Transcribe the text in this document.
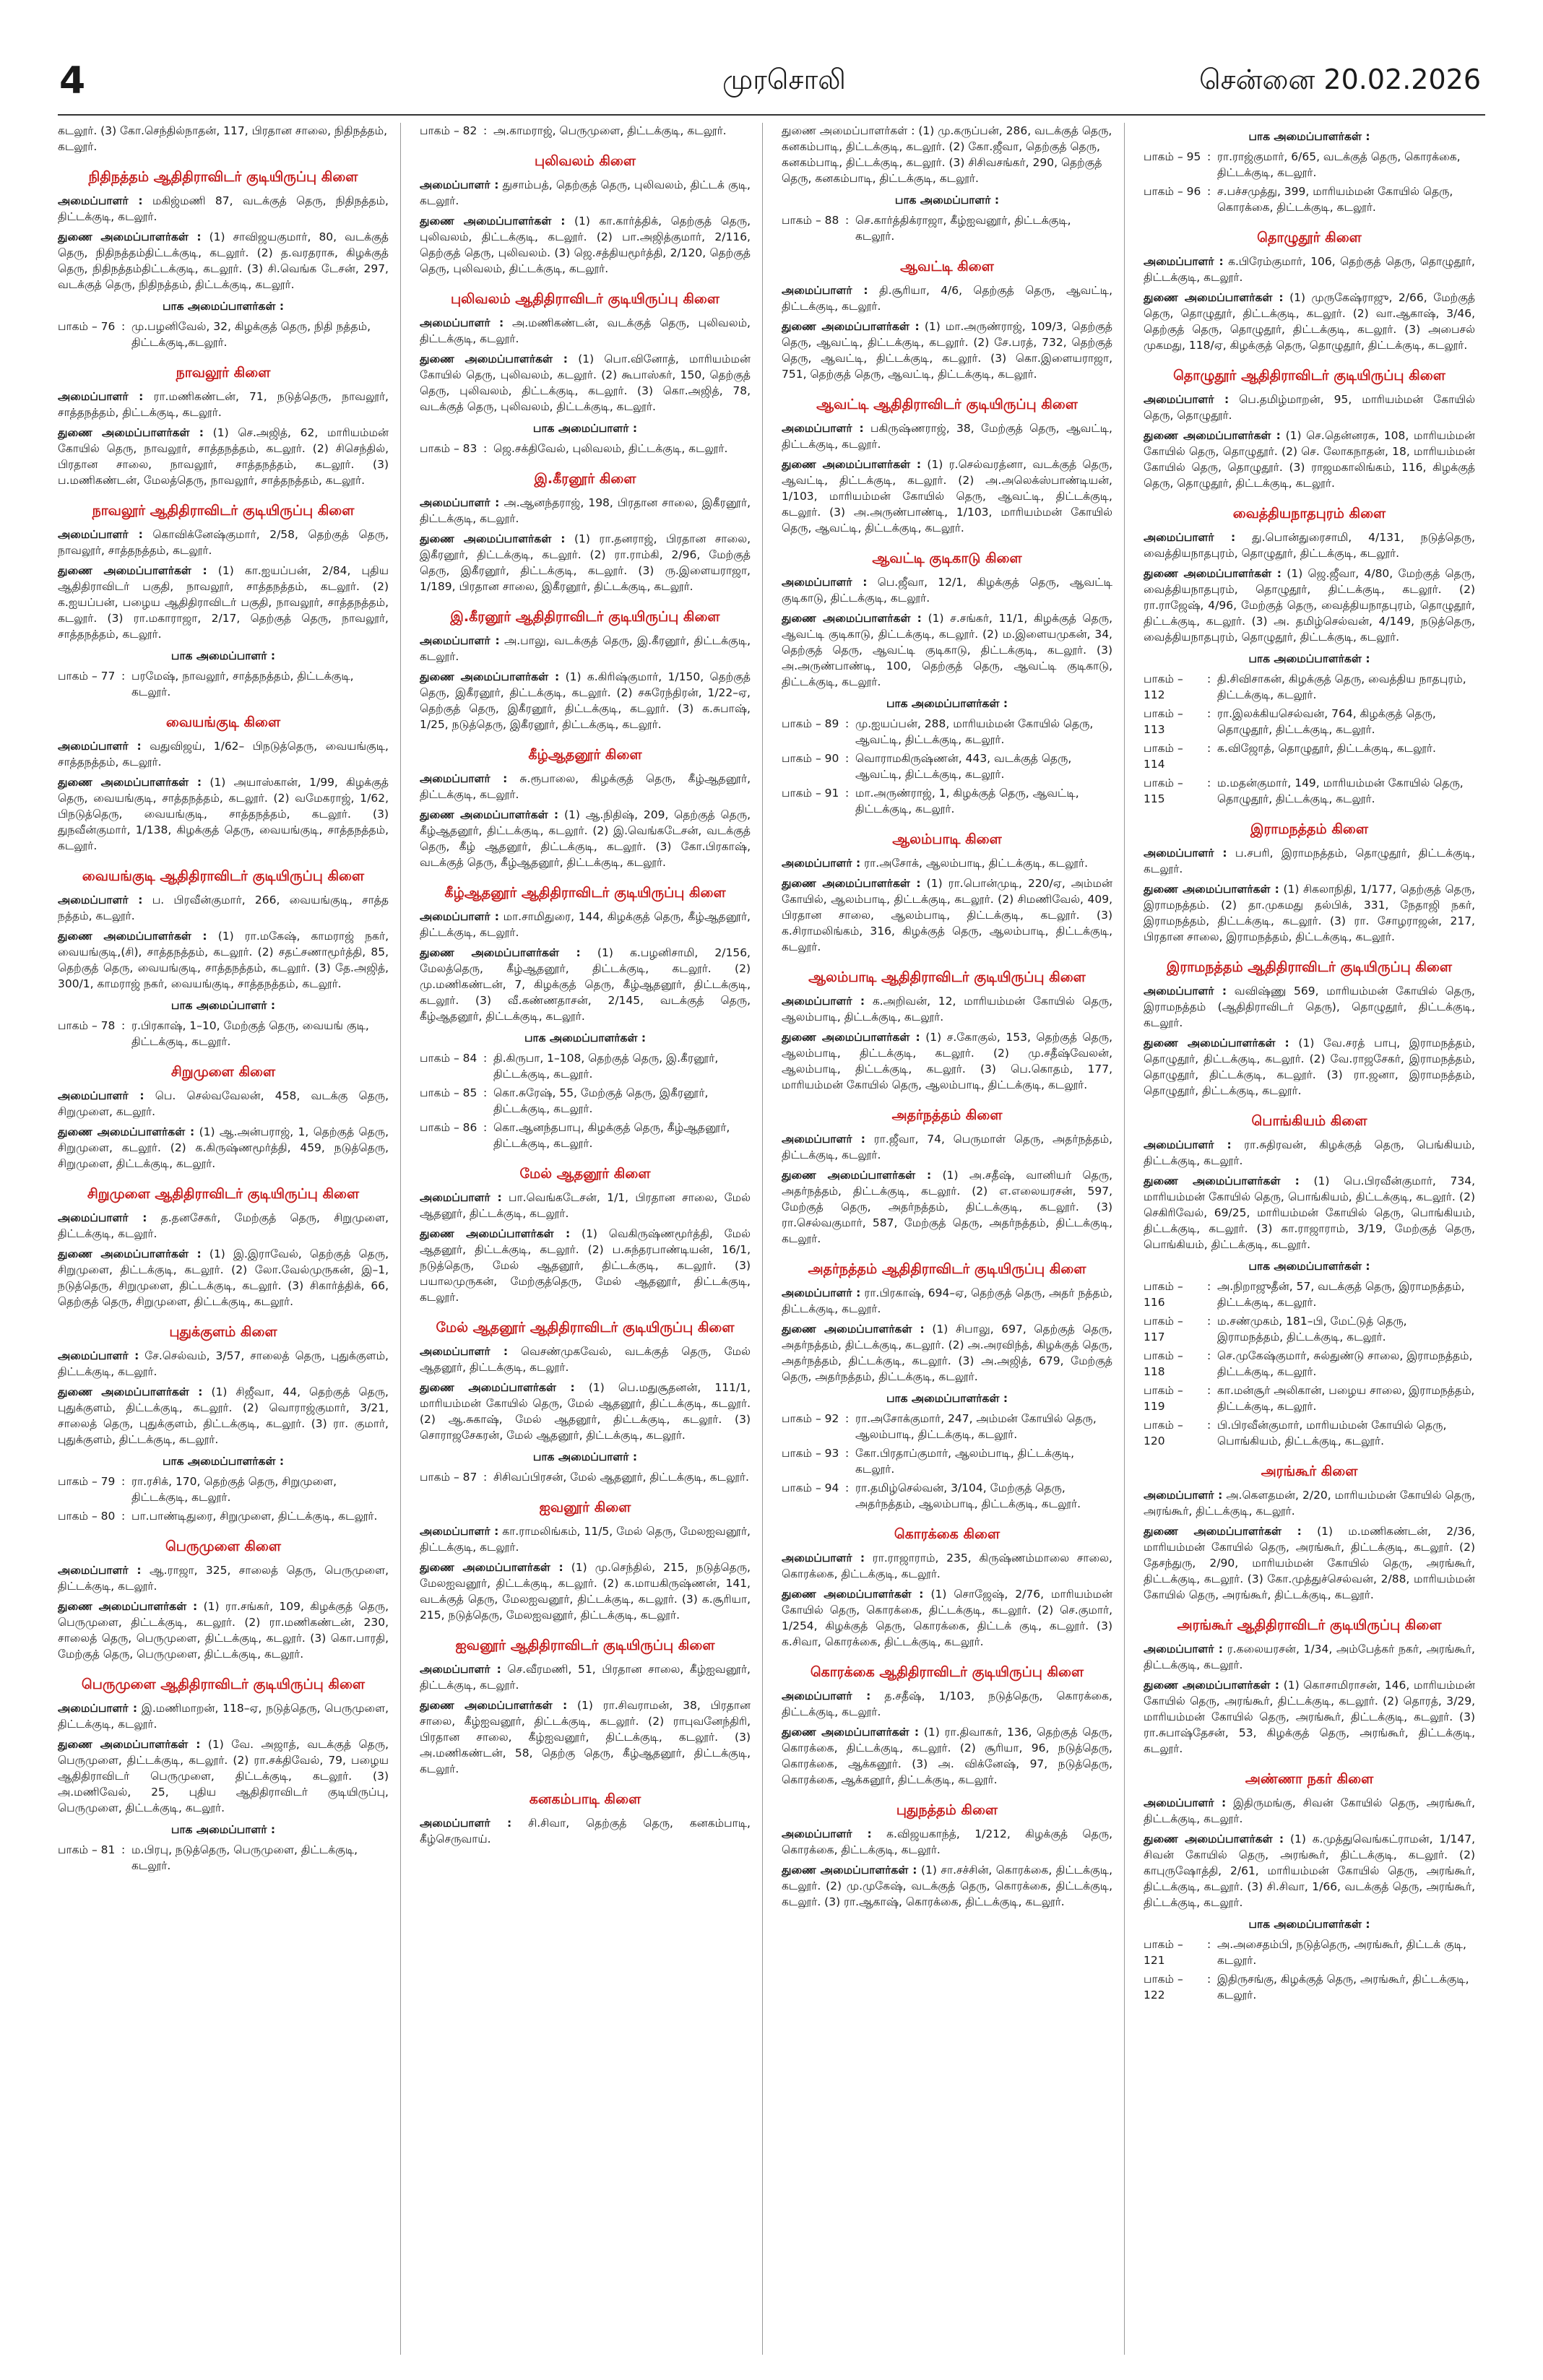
4	முரசொலி	சென்னை 20.02.2026
கடலூர். (3) கோ.செந்தில்நாதன், 117, பிரதான சாலை, நிதிநத்தம், கடலூர்.
நிதிநத்தம் ஆதிதிராவிடர் குடியிருப்பு கிளை
அமைப்பாளர் : மகிஜ்மணி 87, வடக்குத் தெரு, நிதிநத்தம், திட்டக்குடி, கடலூர்.
துணை அமைப்பாளர்கள் : (1) சாவிஜயகுமார், 80, வடக்குத் தெரு, நிதிநத்தம்திட்டக்குடி, கடலூர். (2) த.வரதராசு, கிழக்குத் தெரு, நிதிநத்தம்திட்டக்குடி, கடலூர். (3) சி.வெங்க டேசன், 297, வடக்குத் தெரு, நிதிநத்தம், திட்டக்குடி, கடலூர்.
பாக அமைப்பாளர்கள் :
பாகம் – 76 : மு.பழனிவேல், 32, கிழக்குத் தெரு, நிதி நத்தம், திட்டக்குடி,கடலூர்.
நாவலூர் கிளை
அமைப்பாளர் : ரா.மணிகண்டன், 71, நடுத்தெரு, நாவலூர், சாத்தநத்தம், திட்டக்குடி, கடலூர்.
துணை அமைப்பாளர்கள் : (1) செ.அஜித், 62, மாரியம்மன் கோயில் தெரு, நாவலூர், சாத்தநத்தம், கடலூர். (2) சிசெந்தில், பிரதான சாலை, நாவலூர், சாத்தநத்தம், கடலூர். (3) ப.மணிகண்டன், மேலத்தெரு, நாவலூர், சாத்தநத்தம், கடலூர்.
நாவலூர் ஆதிதிராவிடர் குடியிருப்பு கிளை
அமைப்பாளர் : கொவிக்னேஷ்குமார், 2/58, தெற்குத் தெரு, நாவலூர், சாத்தநத்தம், கடலூர்.
துணை அமைப்பாளர்கள் : (1) கா.ஐயப்பன், 2/84, புதிய ஆதிதிராவிடர் பகுதி, நாவலூர், சாத்தநத்தம், கடலூர். (2) க.ஐயப்பன், பழைய ஆதிதிராவிடர் பகுதி, நாவலூர், சாத்தநத்தம், கடலூர். (3) ரா.மகாராஜா, 2/17, தெற்குத் தெரு, நாவலூர், சாத்தநத்தம், கடலூர்.
பாக அமைப்பாளர் :
பாகம் – 77 : பரமேஷ், நாவலூர், சாத்தநத்தம், திட்டக்குடி, கடலூர்.
வையங்குடி கிளை
அமைப்பாளர் : வதுவிஜய், 1/62– பிநடுத்தெரு, வையங்குடி, சாத்தநத்தம், கடலூர்.
துணை அமைப்பாளர்கள் : (1) அயாஸ்கான், 1/99, கிழக்குத் தெரு, வையங்குடி, சாத்தநத்தம், கடலூர். (2) வமேகராஜ், 1/62, பிநடுத்தெரு, வையங்குடி, சாத்தநத்தம், கடலூர். (3) துநவீன்குமார், 1/138, கிழக்குத் தெரு, வையங்குடி, சாத்தநத்தம், கடலூர்.
வையங்குடி ஆதிதிராவிடர் குடியிருப்பு கிளை
அமைப்பாளர் : ப. பிரவீன்குமார், 266, வையங்குடி, சாத்த நத்தம், கடலூர்.
துணை அமைப்பாளர்கள் : (1) ரா.மகேஷ், காமராஜ் நகர், வையங்குடி,(சி), சாத்தநத்தம், கடலூர். (2) சதட்சணாமூர்த்தி, 85, தெற்குத் தெரு, வையங்குடி, சாத்தநத்தம், கடலூர். (3) தே.அஜித், 300/1, காமராஜ் நகர், வையங்குடி, சாத்தநத்தம், கடலூர்.
பாக அமைப்பாளர் :
பாகம் – 78 : ர.பிரகாஷ், 1–10, மேற்குத் தெரு, வையங் குடி, திட்டக்குடி, கடலூர்.
சிறுமுளை கிளை
அமைப்பாளர் : பெ. செல்வவேலன், 458, வடக்கு தெரு, சிறுமுளை, கடலூர்.
துணை அமைப்பாளர்கள் : (1) ஆ.அன்பராஜ், 1, தெற்குத் தெரு, சிறுமுளை, கடலூர். (2) க.கிருஷ்ணமூர்த்தி, 459, நடுத்தெரு, சிறுமுளை, திட்டக்குடி, கடலூர்.
சிறுமுளை ஆதிதிராவிடர் குடியிருப்பு கிளை
அமைப்பாளர் : த.தனசேகர், மேற்குத் தெரு, சிறுமுளை, திட்டக்குடி, கடலூர்.
துணை அமைப்பாளர்கள் : (1) இ.இராவேல், தெற்குத் தெரு, சிறுமுளை, திட்டக்குடி, கடலூர். (2) லோ.வேல்முருகன், இ–1, நடுத்தெரு, சிறுமுளை, திட்டக்குடி, கடலூர். (3) சிகார்த்திக், 66, தெற்குத் தெரு, சிறுமுளை, திட்டக்குடி, கடலூர்.
புதுக்குளம் கிளை
அமைப்பாளர் : சே.செல்வம், 3/57, சாலைத் தெரு, புதுக்குளம், திட்டக்குடி, கடலூர்.
துணை அமைப்பாளர்கள் : (1) சிஜீவா, 44, தெற்குத் தெரு, புதுக்குளம், திட்டக்குடி, கடலூர். (2) வொராஜ்குமார், 3/21, சாலைத் தெரு, புதுக்குளம், திட்டக்குடி, கடலூர். (3) ரா. குமார், புதுக்குளம், திட்டக்குடி, கடலூர்.
பாக அமைப்பாளர்கள் :
பாகம் – 79 : ரா.ரசிக், 170, தெற்குத் தெரு, சிறுமுளை, திட்டக்குடி, கடலூர்.
பாகம் – 80 : பா.பாண்டிதுரை, சிறுமுளை, திட்டக்குடி, கடலூர்.
பெருமுளை கிளை
அமைப்பாளர் : ஆ.ராஜா, 325, சாலைத் தெரு, பெருமுளை, திட்டக்குடி, கடலூர்.
துணை அமைப்பாளர்கள் : (1) ரா.சங்கர், 109, கிழக்குத் தெரு, பெருமுளை, திட்டக்குடி, கடலூர். (2) ரா.மணிகண்டன், 230, சாலைத் தெரு, பெருமுளை, திட்டக்குடி, கடலூர். (3) கொ.பாரதி, மேற்குத் தெரு, பெருமுளை, திட்டக்குடி, கடலூர்.
பெருமுளை ஆதிதிராவிடர் குடியிருப்பு கிளை
அமைப்பாளர் : இ.மணிமாறன், 118–ஏ, நடுத்தெரு, பெருமுளை, திட்டக்குடி, கடலூர்.
துணை அமைப்பாளர்கள் : (1) வே. அஜாத், வடக்குத் தெரு, பெருமுளை, திட்டக்குடி, கடலூர். (2) ரா.சக்திவேல், 79, பழைய ஆதிதிராவிடர் பெருமுளை, திட்டக்குடி, கடலூர். (3) அ.மணிவேல், 25, புதிய ஆதிதிராவிடர் குடியிருப்பு, பெருமுளை, திட்டக்குடி, கடலூர்.
பாக அமைப்பாளர் :
பாகம் – 81 : ம.பிரபு, நடுத்தெரு, பெருமுளை, திட்டக்குடி, கடலூர்.
பாகம் – 82 : அ.காமராஜ், பெருமுளை, திட்டக்குடி, கடலூர்.
புலிவலம் கிளை
அமைப்பாளர் : துசாம்பத், தெற்குத் தெரு, புலிவலம், திட்டக் குடி, கடலூர்.
துணை அமைப்பாளர்கள் : (1) கா.கார்த்திக், தெற்குத் தெரு, புலிவலம், திட்டக்குடி, கடலூர். (2) பா.அஜித்குமார், 2/116, தெற்குத் தெரு, புலிவலம். (3) ஜெ.சத்தியமூர்த்தி, 2/120, தெற்குத் தெரு, புலிவலம், திட்டக்குடி, கடலூர்.
புலிவலம் ஆதிதிராவிடர் குடியிருப்பு கிளை
அமைப்பாளர் : அ.மணிகண்டன், வடக்குத் தெரு, புலிவலம், திட்டக்குடி, கடலூர்.
துணை அமைப்பாளர்கள் : (1) பொ.வினோத், மாரியம்மன் கோயில் தெரு, புலிவலம், கடலூர். (2) கூபாஸ்கர், 150, தெற்குத் தெரு, புலிவலம், திட்டக்குடி, கடலூர். (3) கொ.அஜித், 78, வடக்குத் தெரு, புலிவலம், திட்டக்குடி, கடலூர்.
பாக அமைப்பாளர் :
பாகம் – 83 : ஜெ.சக்திவேல், புலிவலம், திட்டக்குடி, கடலூர்.
இ.கீரனூர் கிளை
அமைப்பாளர் : அ.ஆனந்தராஜ், 198, பிரதான சாலை, இகீரனூர், திட்டக்குடி, கடலூர்.
துணை அமைப்பாளர்கள் : (1) ரா.தனராஜ், பிரதான சாலை, இகீரனூர், திட்டக்குடி, கடலூர். (2) ரா.ராம்கி, 2/96, மேற்குத் தெரு, இகீரனூர், திட்டக்குடி, கடலூர். (3) ரு.இளையராஜா, 1/189, பிரதான சாலை, இகீரனூர், திட்டக்குடி, கடலூர்.
இ.கீரனூர் ஆதிதிராவிடர் குடியிருப்பு கிளை
அமைப்பாளர் : அ.பாலு, வடக்குத் தெரு, இ.கீரனூர், திட்டக்குடி, கடலூர்.
துணை அமைப்பாளர்கள் : (1) க.கிரிஷ்குமார், 1/150, தெற்குத் தெரு, இகீரனூர், திட்டக்குடி, கடலூர். (2) சசுரேந்திரன், 1/22–ஏ, தெற்குத் தெரு, இகீரனூர், திட்டக்குடி, கடலூர். (3) க.சுபாஷ், 1/25, நடுத்தெரு, இகீரனூர், திட்டக்குடி, கடலூர்.
கீழ்ஆதனூர் கிளை
அமைப்பாளர் : சு.ரூபாலை, கிழக்குத் தெரு, கீழ்ஆதனூர், திட்டக்குடி, கடலூர்.
துணை அமைப்பாளர்கள் : (1) ஆ.நிதிஷ், 209, தெற்குத் தெரு, கீழ்ஆதனூர், திட்டக்குடி, கடலூர். (2) இ.வெங்கடேசன், வடக்குத் தெரு, கீழ் ஆதனூர், திட்டக்குடி, கடலூர். (3) கோ.பிரகாஷ், வடக்குத் தெரு, கீழ்ஆதனூர், திட்டக்குடி, கடலூர்.
கீழ்ஆதனூர் ஆதிதிராவிடர் குடியிருப்பு கிளை
அமைப்பாளர் : மா.சாமிதுரை, 144, கிழக்குத் தெரு, கீழ்ஆதனூர், திட்டக்குடி, கடலூர்.
துணை அமைப்பாளர்கள் : (1) க.பழனிசாமி, 2/156, மேலத்தெரு, கீழ்ஆதனூர், திட்டக்குடி, கடலூர். (2) மு.மணிகண்டன், 7, கிழக்குத் தெரு, கீழ்ஆதனூர், திட்டக்குடி, கடலூர். (3) வீ.கண்ணதாசன், 2/145, வடக்குத் தெரு, கீழ்ஆதனூர், திட்டக்குடி, கடலூர்.
பாக அமைப்பாளர்கள் :
பாகம் – 84 : தி.கிருபா, 1–108, தெற்குத் தெரு, இ.கீரனூர், திட்டக்குடி, கடலூர்.
பாகம் – 85 : கொ.சுரேஷ், 55, மேற்குத் தெரு, இகீரனூர், திட்டக்குடி, கடலூர்.
பாகம் – 86 : கொ.ஆனந்தபாபு, கிழக்குத் தெரு, கீழ்ஆதனூர், திட்டக்குடி, கடலூர்.
மேல் ஆதனூர் கிளை
அமைப்பாளர் : பா.வெங்கடேசன், 1/1, பிரதான சாலை, மேல் ஆதனூர், திட்டக்குடி, கடலூர்.
துணை அமைப்பாளர்கள் : (1) வெகிருஷ்ணமூர்த்தி, மேல் ஆதனூர், திட்டக்குடி, கடலூர். (2) ப.சுந்தரபாண்டியன், 16/1, நடுத்தெரு, மேல் ஆதனூர், திட்டக்குடி, கடலூர். (3) பயாலமுருகன், மேற்குத்தெரு, மேல் ஆதனூர், திட்டக்குடி, கடலூர்.
மேல் ஆதனூர் ஆதிதிராவிடர் குடியிருப்பு கிளை
அமைப்பாளர் : வெசண்முகவேல், வடக்குத் தெரு, மேல் ஆதனூர், திட்டக்குடி, கடலூர்.
துணை அமைப்பாளர்கள் : (1) பெ.மதுசூதனன், 111/1, மாரியம்மன் கோயில் தெரு, மேல் ஆதனூர், திட்டக்குடி, கடலூர். (2) ஆ.சுகாஷ், மேல் ஆதனூர், திட்டக்குடி, கடலூர். (3) சொராஜசேகரன், மேல் ஆதனூர், திட்டக்குடி, கடலூர்.
பாக அமைப்பாளர் :
பாகம் – 87 : சிசிவப்பிரசன், மேல் ஆதனூர், திட்டக்குடி, கடலூர்.
ஐவனூர் கிளை
அமைப்பாளர் : கா.ராமலிங்கம், 11/5, மேல் தெரு, மேலஐவனூர், திட்டக்குடி, கடலூர்.
துணை அமைப்பாளர்கள் : (1) மு.செந்தில், 215, நடுத்தெரு, மேலஐவனூர், திட்டக்குடி, கடலூர். (2) க.மாயகிருஷ்ணன், 141, வடக்குத் தெரு, மேலஐவனூர், திட்டக்குடி, கடலூர். (3) க.சூரியா, 215, நடுத்தெரு, மேலஐவனூர், திட்டக்குடி, கடலூர்.
ஐவனூர் ஆதிதிராவிடர் குடியிருப்பு கிளை
அமைப்பாளர் : செ.வீரமணி, 51, பிரதான சாலை, கீழ்ஐவனூர், திட்டக்குடி, கடலூர்.
துணை அமைப்பாளர்கள் : (1) ரா.சிவராமன், 38, பிரதான சாலை, கீழ்ஐவனூர், திட்டக்குடி, கடலூர். (2) ராபுவனேந்திரி, பிரதான சாலை, கீழ்ஐவனூர், திட்டக்குடி, கடலூர். (3) அ.மணிகண்டன், 58, தெற்கு தெரு, கீழ்ஆதனூர், திட்டக்குடி, கடலூர்.
கனகம்பாடி கிளை
அமைப்பாளர் : சி.சிவா, தெற்குத் தெரு, கனகம்பாடி, கீழ்செருவாய்.
துணை அமைப்பாளர்கள் : (1) மு.கருப்பன், 286, வடக்குத் தெரு, கனகம்பாடி, திட்டக்குடி, கடலூர். (2) கோ.ஜீவா, தெற்குத் தெரு, கனகம்பாடி, திட்டக்குடி, கடலூர். (3) சிசிவசங்கர், 290, தெற்குத் தெரு, கனகம்பாடி, திட்டக்குடி, கடலூர்.
பாக அமைப்பாளர் :
பாகம் – 88 : செ.கார்த்திக்ராஜா, கீழ்ஐவனூர், திட்டக்குடி, கடலூர்.
ஆவட்டி கிளை
அமைப்பாளர் : தி.சூரியா, 4/6, தெற்குத் தெரு, ஆவட்டி, திட்டக்குடி, கடலூர்.
துணை அமைப்பாளர்கள் : (1) மா.அருண்ராஜ், 109/3, தெற்குத் தெரு, ஆவட்டி, திட்டக்குடி, கடலூர். (2) சே.பரத், 732, தெற்குத் தெரு, ஆவட்டி, திட்டக்குடி, கடலூர். (3) கொ.இளையராஜா, 751, தெற்குத் தெரு, ஆவட்டி, திட்டக்குடி, கடலூர்.
ஆவட்டி ஆதிதிராவிடர் குடியிருப்பு கிளை
அமைப்பாளர் : பகிருஷ்ணராஜ், 38, மேற்குத் தெரு, ஆவட்டி, திட்டக்குடி, கடலூர்.
துணை அமைப்பாளர்கள் : (1) ர.செல்வரத்னா, வடக்குத் தெரு, ஆவட்டி, திட்டக்குடி, கடலூர். (2) அ.அலெக்ஸ்பாண்டியன், 1/103, மாரியம்மன் கோயில் தெரு, ஆவட்டி, திட்டக்குடி, கடலூர். (3) அ.அருண்பாண்டி, 1/103, மாரியம்மன் கோயில் தெரு, ஆவட்டி, திட்டக்குடி, கடலூர்.
ஆவட்டி குடிகாடு கிளை
அமைப்பாளர் : பெ.ஜீவா, 12/1, கிழக்குத் தெரு, ஆவட்டி குடிகாடு, திட்டக்குடி, கடலூர்.
துணை அமைப்பாளர்கள் : (1) ச.சங்கர், 11/1, கிழக்குத் தெரு, ஆவட்டி குடிகாடு, திட்டக்குடி, கடலூர். (2) ம.இளையமுகன், 34, தெற்குத் தெரு, ஆவட்டி குடிகாடு, திட்டக்குடி, கடலூர். (3) அ.அருண்பாண்டி, 100, தெற்குத் தெரு, ஆவட்டி குடிகாடு, திட்டக்குடி, கடலூர்.
பாக அமைப்பாளர்கள் :
பாகம் – 89 : மு.ஐயப்பன், 288, மாரியம்மன் கோயில் தெரு, ஆவட்டி, திட்டக்குடி, கடலூர்.
பாகம் – 90 : வொராமகிருஷ்ணன், 443, வடக்குத் தெரு, ஆவட்டி, திட்டக்குடி, கடலூர்.
பாகம் – 91 : மா.அருண்ராஜ், 1, கிழக்குத் தெரு, ஆவட்டி, திட்டக்குடி, கடலூர்.
ஆலம்பாடி கிளை
அமைப்பாளர் : ரா.அசோக், ஆலம்பாடி, திட்டக்குடி, கடலூர்.
துணை அமைப்பாளர்கள் : (1) ரா.பொன்முடி, 220/ஏ, அம்மன் கோயில், ஆலம்பாடி, திட்டக்குடி, கடலூர். (2) சிமணிவேல், 409, பிரதான சாலை, ஆலம்பாடி, திட்டக்குடி, கடலூர். (3) க.சிராமலிங்கம், 316, கிழக்குத் தெரு, ஆலம்பாடி, திட்டக்குடி, கடலூர்.
ஆலம்பாடி ஆதிதிராவிடர் குடியிருப்பு கிளை
அமைப்பாளர் : க.அறிவன், 12, மாரியம்மன் கோயில் தெரு, ஆலம்பாடி, திட்டக்குடி, கடலூர்.
துணை அமைப்பாளர்கள் : (1) ச.கோகுல், 153, தெற்குத் தெரு, ஆலம்பாடி, திட்டக்குடி, கடலூர். (2) மு.சதீஷ்வேலன், ஆலம்பாடி, திட்டக்குடி, கடலூர். (3) பெ.கொதம், 177, மாரியம்மன் கோயில் தெரு, ஆலம்பாடி, திட்டக்குடி, கடலூர்.
அதர்நத்தம் கிளை
அமைப்பாளர் : ரா.ஜீவா, 74, பெருமாள் தெரு, அதர்நத்தம், திட்டக்குடி, கடலூர்.
துணை அமைப்பாளர்கள் : (1) அ.சதீஷ், வானியர் தெரு, அதர்நத்தம், திட்டக்குடி, கடலூர். (2) எ.எலையரசன், 597, மேற்குத் தெரு, அதர்நத்தம், திட்டக்குடி, கடலூர். (3) ரா.செல்வகுமார், 587, மேற்குத் தெரு, அதர்நத்தம், திட்டக்குடி, கடலூர்.
அதர்நத்தம் ஆதிதிராவிடர் குடியிருப்பு கிளை
அமைப்பாளர் : ரா.பிரகாஷ், 694–ஏ, தெற்குத் தெரு, அதர் நத்தம், திட்டக்குடி, கடலூர்.
துணை அமைப்பாளர்கள் : (1) சிபாலு, 697, தெற்குத் தெரு, அதர்நத்தம், திட்டக்குடி, கடலூர். (2) அ.அரவிந்த், கிழக்குத் தெரு, அதர்நத்தம், திட்டக்குடி, கடலூர். (3) அ.அஜித், 679, மேற்குத் தெரு, அதர்நத்தம், திட்டக்குடி, கடலூர்.
பாக அமைப்பாளர்கள் :
பாகம் – 92 : ரா.அசோக்குமார், 247, அம்மன் கோயில் தெரு, ஆலம்பாடி, திட்டக்குடி, கடலூர்.
பாகம் – 93 : கோ.பிரதாப்குமார், ஆலம்பாடி, திட்டக்குடி, கடலூர்.
பாகம் – 94 : ரா.தமிழ்செல்வன், 3/104, மேற்குத் தெரு, அதர்நத்தம், ஆலம்பாடி, திட்டக்குடி, கடலூர்.
கொரக்கை கிளை
அமைப்பாளர் : ரா.ராஜாராம், 235, கிருஷ்ணம்மாலை சாலை, கொரக்கை, திட்டக்குடி, கடலூர்.
துணை அமைப்பாளர்கள் : (1) சொஜேஷ், 2/76, மாரியம்மன் கோயில் தெரு, கொரக்கை, திட்டக்குடி, கடலூர். (2) செ.குமார், 1/254, கிழக்குத் தெரு, கொரக்கை, திட்டக் குடி, கடலூர். (3) க.சிவா, கொரக்கை, திட்டக்குடி, கடலூர்.
கொரக்கை ஆதிதிராவிடர் குடியிருப்பு கிளை
அமைப்பாளர் : த.சதீஷ், 1/103, நடுத்தெரு, கொரக்கை, திட்டக்குடி, கடலூர்.
துணை அமைப்பாளர்கள் : (1) ரா.திவாகர், 136, தெற்குத் தெரு, கொரக்கை, திட்டக்குடி, கடலூர். (2) சூரியா, 96, நடுத்தெரு, கொரக்கை, ஆக்கனூர். (3) அ. விக்னேஷ், 97, நடுத்தெரு, கொரக்கை, ஆக்கனூர், திட்டக்குடி, கடலூர்.
புதுநத்தம் கிளை
அமைப்பாளர் : க.விஜயகாந்த், 1/212, கிழக்குத் தெரு, கொரக்கை, திட்டக்குடி, கடலூர்.
துணை அமைப்பாளர்கள் : (1) சா.சச்சின், கொரக்கை, திட்டக்குடி, கடலூர். (2) மு.முகேஷ், வடக்குத் தெரு, கொரக்கை, திட்டக்குடி, கடலூர். (3) ரா.ஆகாஷ், கொரக்கை, திட்டக்குடி, கடலூர்.
பாக அமைப்பாளர்கள் :
பாகம் – 95 : ரா.ராஜ்குமார், 6/65, வடக்குத் தெரு, கொரக்கை, திட்டக்குடி, கடலூர்.
பாகம் – 96 : ச.பச்சமுத்து, 399, மாரியம்மன் கோயில் தெரு, கொரக்கை, திட்டக்குடி, கடலூர்.
தொழுதூர் கிளை
அமைப்பாளர் : க.பிரேம்குமார், 106, தெற்குத் தெரு, தொழுதூர், திட்டக்குடி, கடலூர்.
துணை அமைப்பாளர்கள் : (1) முருகேஷ்ராஜு, 2/66, மேற்குத் தெரு, தொழுதூர், திட்டக்குடி, கடலூர். (2) வா.ஆகாஷ், 3/46, தெற்குத் தெரு, தொழுதூர், திட்டக்குடி, கடலூர். (3) அபைசல் முகமது, 118/ஏ, கிழக்குத் தெரு, தொழுதூர், திட்டக்குடி, கடலூர்.
தொழுதூர் ஆதிதிராவிடர் குடியிருப்பு கிளை
அமைப்பாளர் : பெ.தமிழ்மாறன், 95, மாரியம்மன் கோயில் தெரு, தொழுதூர்.
துணை அமைப்பாளர்கள் : (1) செ.தென்னரசு, 108, மாரியம்மன் கோயில் தெரு, தொழுதூர். (2) செ. லோகநாதன், 18, மாரியம்மன் கோயில் தெரு, தொழுதூர். (3) ராஜமகாலிங்கம், 116, கிழக்குத் தெரு, தொழுதூர், திட்டக்குடி, கடலூர்.
வைத்தியநாதபுரம் கிளை
அமைப்பாளர் : து.பொன்துரைசாமி, 4/131, நடுத்தெரு, வைத்தியநாதபுரம், தொழுதூர், திட்டக்குடி, கடலூர்.
துணை அமைப்பாளர்கள் : (1) ஜெ.ஜீவா, 4/80, மேற்குத் தெரு, வைத்தியநாதபுரம், தொழுதூர், திட்டக்குடி, கடலூர். (2) ரா.ராஜேஷ், 4/96, மேற்குத் தெரு, வைத்தியநாதபுரம், தொழுதூர், திட்டக்குடி, கடலூர். (3) அ. தமிழ்செல்வன், 4/149, நடுத்தெரு, வைத்தியநாதபுரம், தொழுதூர், திட்டக்குடி, கடலூர்.
பாக அமைப்பாளர்கள் :
பாகம் – 112
: தி.சிவிசாகன், கிழக்குத் தெரு, வைத்திய நாதபுரம், திட்டக்குடி, கடலூர்.
பாகம் – 113
: ரா.இலக்கியசெல்வன், 764, கிழக்குத் தெரு, தொழுதூர், திட்டக்குடி, கடலூர்.
பாகம் – 114
: க.விஜோத், தொழுதூர், திட்டக்குடி, கடலூர்.
பாகம் – 115
: ம.மதன்குமார், 149, மாரியம்மன் கோயில் தெரு, தொழுதூர், திட்டக்குடி, கடலூர்.
இராமநத்தம் கிளை
அமைப்பாளர் : ப.சபரி, இராமநத்தம், தொழுதூர், திட்டக்குடி, கடலூர்.
துணை அமைப்பாளர்கள் : (1) சிகலாநிதி, 1/177, தெற்குத் தெரு, இராமநத்தம். (2) தா.முகமது தல்பிக், 331, நேதாஜி நகர், இராமநத்தம், திட்டக்குடி, கடலூர். (3) ரா. சோழராஜன், 217, பிரதான சாலை, இராமநத்தம், திட்டக்குடி, கடலூர்.
இராமநத்தம் ஆதிதிராவிடர் குடியிருப்பு கிளை
அமைப்பாளர் : வவிஷ்ணு 569, மாரியம்மன் கோயில் தெரு, இராமநத்தம் (ஆதிதிராவிடர் தெரு), தொழுதூர், திட்டக்குடி, கடலூர்.
துணை அமைப்பாளர்கள் : (1) வே.சரத் பாபு, இராமநத்தம், தொழுதூர், திட்டக்குடி, கடலூர். (2) வே.ராஜசேகர், இராமநத்தம், தொழுதூர், திட்டக்குடி, கடலூர். (3) ரா.ஜனா, இராமநத்தம், தொழுதூர், திட்டக்குடி, கடலூர்.
பொங்கியம் கிளை
அமைப்பாளர் : ரா.சுதிரவன், கிழக்குத் தெரு, பெங்கியம், திட்டக்குடி, கடலூர்.
துணை அமைப்பாளர்கள் : (1) பெ.பிரவீன்குமார், 734, மாரியம்மன் கோயில் தெரு, பொங்கியம், திட்டக்குடி, கடலூர். (2) செகிரிவேல், 69/25, மாரியம்மன் கோயில் தெரு, பொங்கியம், திட்டக்குடி, கடலூர். (3) கா.ராஜாராம், 3/19, மேற்குத் தெரு, பொங்கியம், திட்டக்குடி, கடலூர்.
பாக அமைப்பாளர்கள் :
பாகம் – 116
: அ.நிறாஜுதீன், 57, வடக்குத் தெரு, இராமநத்தம், திட்டக்குடி, கடலூர்.
பாகம் – 117
: ம.சண்முகம், 181–பி, மேட்டுத் தெரு, இராமநத்தம், திட்டக்குடி, கடலூர்.
பாகம் – 118
: செ.முகேஷ்குமார், சுல்துண்டு சாலை, இராமநத்தம், திட்டக்குடி, கடலூர்.
பாகம் – 119
: கா.மன்சூர் அலிகான், பழைய சாலை, இராமநத்தம், திட்டக்குடி, கடலூர்.
பாகம் – 120
: பி.பிரவீன்குமார், மாரியம்மன் கோயில் தெரு, பொங்கியம், திட்டக்குடி, கடலூர்.
அரங்கூர் கிளை
அமைப்பாளர் : அ.கௌதமன், 2/20, மாரியம்மன் கோயில் தெரு, அரங்கூர், திட்டக்குடி, கடலூர்.
துணை அமைப்பாளர்கள் : (1) ம.மணிகண்டன், 2/36, மாரியம்மன் கோயில் தெரு, அரங்கூர், திட்டக்குடி, கடலூர். (2) தேசந்துரு, 2/90, மாரியம்மன் கோயில் தெரு, அரங்கூர், திட்டக்குடி, கடலூர். (3) கோ.முத்துச்செல்வன், 2/88, மாரியம்மன் கோயில் தெரு, அரங்கூர், திட்டக்குடி, கடலூர்.
அரங்கூர் ஆதிதிராவிடர் குடியிருப்பு கிளை
அமைப்பாளர் : ர.கலையரசன், 1/34, அம்பேத்கர் நகர், அரங்கூர், திட்டக்குடி, கடலூர்.
துணை அமைப்பாளர்கள் : (1) கொசாமிராசன், 146, மாரியம்மன் கோயில் தெரு, அரங்கூர், திட்டக்குடி, கடலூர். (2) தொரத், 3/29, மாரியம்மன் கோயில் தெரு, அரங்கூர், திட்டக்குடி, கடலூர். (3) ரா.சுபாஷ்தேசன், 53, கிழக்குத் தெரு, அரங்கூர், திட்டக்குடி, கடலூர்.
அண்ணா நகர் கிளை
அமைப்பாளர் : இதிருமங்கு, சிவன் கோயில் தெரு, அரங்கூர், திட்டக்குடி, கடலூர்.
துணை அமைப்பாளர்கள் : (1) க.முத்துவெங்கட்ராமன், 1/147, சிவன் கோயில் தெரு, அரங்கூர், திட்டக்குடி, கடலூர். (2) காபுருஷோத்தி, 2/61, மாரியம்மன் கோயில் தெரு, அரங்கூர், திட்டக்குடி, கடலூர். (3) சி.சிவா, 1/66, வடக்குத் தெரு, அரங்கூர், திட்டக்குடி, கடலூர்.
பாக அமைப்பாளர்கள் :
பாகம் – 121
: அ.அசைதம்பி, நடுத்தெரு, அரங்கூர், திட்டக் குடி, கடலூர்.
பாகம் – 122
: இதிருசங்கு, கிழக்குத் தெரு, அரங்கூர், திட்டக்குடி, கடலூர்.
